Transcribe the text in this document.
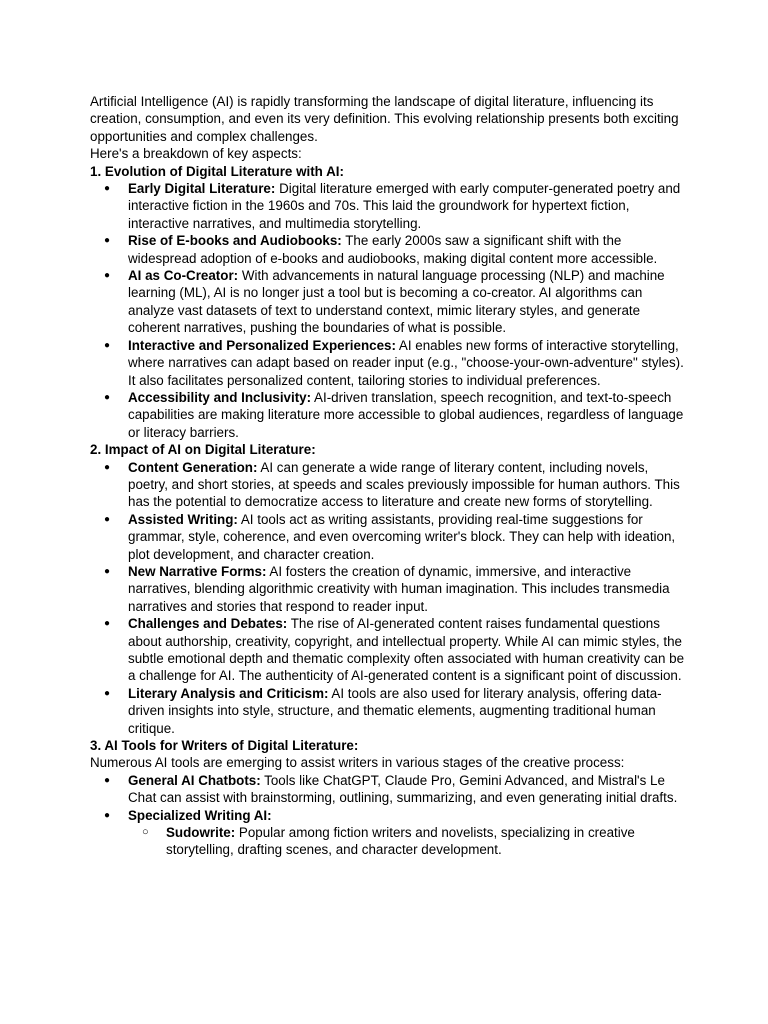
Artificial Intelligence (AI) is rapidly transforming the landscape of digital literature, influencing its creation, consumption, and even its very definition. This evolving relationship presents both exciting opportunities and complex challenges.

Here's a breakdown of key aspects:

1. Evolution of Digital Literature with AI:

● Early Digital Literature: Digital literature emerged with early computer-generated poetry and interactive fiction in the 1960s and 70s. This laid the groundwork for hypertext fiction, interactive narratives, and multimedia storytelling.
● Rise of E-books and Audiobooks: The early 2000s saw a significant shift with the widespread adoption of e-books and audiobooks, making digital content more accessible.
● AI as Co-Creator: With advancements in natural language processing (NLP) and machine learning (ML), AI is no longer just a tool but is becoming a co-creator. AI algorithms can analyze vast datasets of text to understand context, mimic literary styles, and generate coherent narratives, pushing the boundaries of what is possible.
● Interactive and Personalized Experiences: AI enables new forms of interactive storytelling, where narratives can adapt based on reader input (e.g., "choose-your-own-adventure" styles). It also facilitates personalized content, tailoring stories to individual preferences.
● Accessibility and Inclusivity: AI-driven translation, speech recognition, and text-to-speech capabilities are making literature more accessible to global audiences, regardless of language or literacy barriers.

2. Impact of AI on Digital Literature:

● Content Generation: AI can generate a wide range of literary content, including novels, poetry, and short stories, at speeds and scales previously impossible for human authors. This has the potential to democratize access to literature and create new forms of storytelling.
● Assisted Writing: AI tools act as writing assistants, providing real-time suggestions for grammar, style, coherence, and even overcoming writer's block. They can help with ideation, plot development, and character creation.
● New Narrative Forms: AI fosters the creation of dynamic, immersive, and interactive narratives, blending algorithmic creativity with human imagination. This includes transmedia narratives and stories that respond to reader input.
● Challenges and Debates: The rise of AI-generated content raises fundamental questions about authorship, creativity, copyright, and intellectual property. While AI can mimic styles, the subtle emotional depth and thematic complexity often associated with human creativity can be a challenge for AI. The authenticity of AI-generated content is a significant point of discussion.
● Literary Analysis and Criticism: AI tools are also used for literary analysis, offering data-driven insights into style, structure, and thematic elements, augmenting traditional human critique.

3. AI Tools for Writers of Digital Literature:

Numerous AI tools are emerging to assist writers in various stages of the creative process:

● General AI Chatbots: Tools like ChatGPT, Claude Pro, Gemini Advanced, and Mistral's Le Chat can assist with brainstorming, outlining, summarizing, and even generating initial drafts.
● Specialized Writing AI:
○ Sudowrite: Popular among fiction writers and novelists, specializing in creative storytelling, drafting scenes, and character development.
